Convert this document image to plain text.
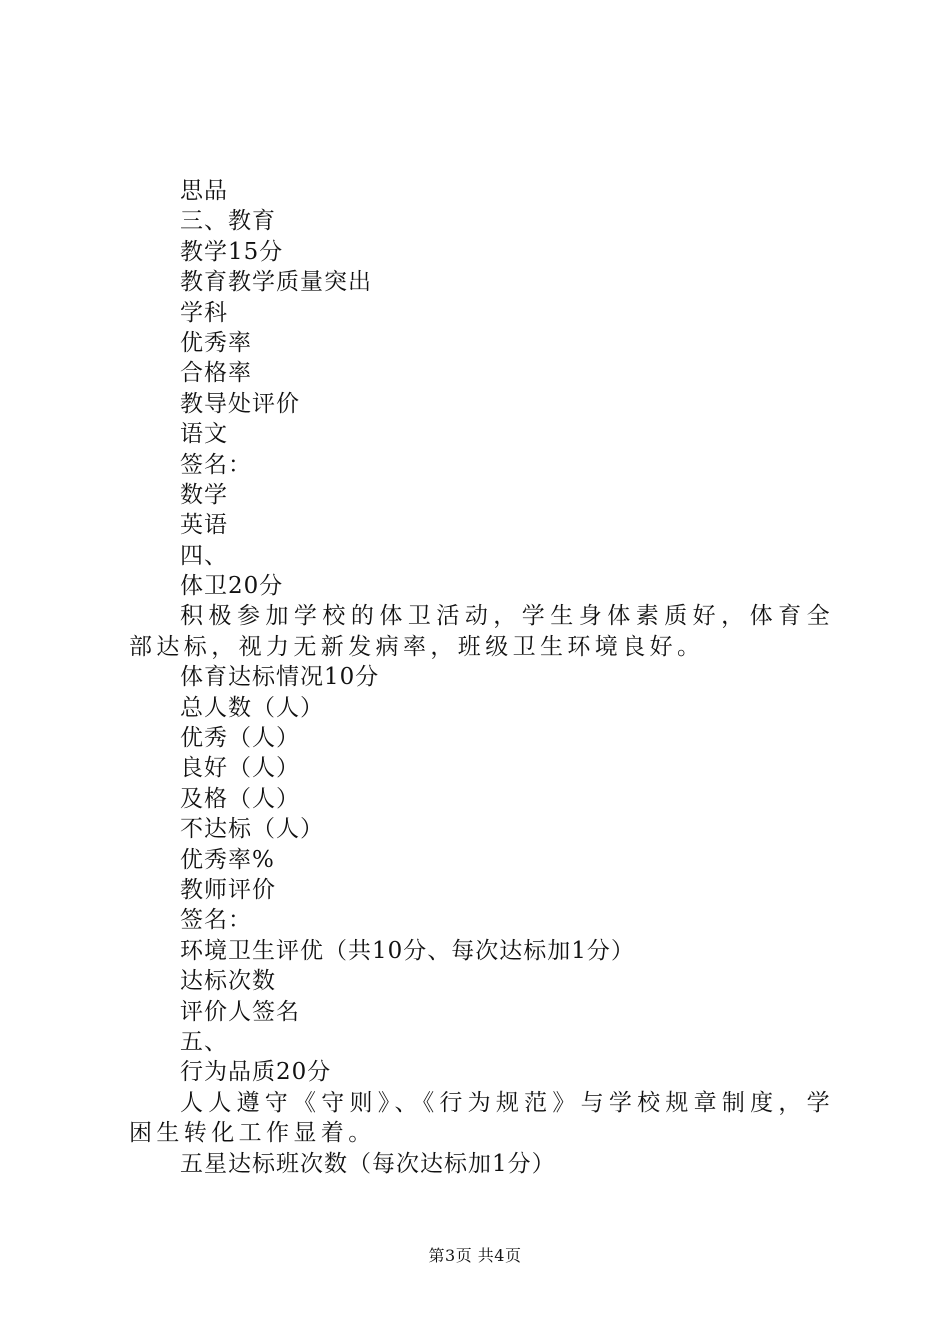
思品
三、教育
教学15分
教育教学质量突出
学科
优秀率
合格率
教导处评价
语文
签名：
数学
英语
四、
体卫20分

积极参加学校的体卫活动，学生身体素质好，体育全部达标，视力无新发病率，班级卫生环境良好。

体育达标情况10分
总人数（人）
优秀（人）
良好（人）
及格（人）
不达标（人）
优秀率%
教师评价
签名：
环境卫生评优（共10分、每次达标加1分）
达标次数
评价人签名
五、
行为品质20分

人人遵守《守则》、《行为规范》与学校规章制度，学困生转化工作显着。

五星达标班次数（每次达标加1分）
第3页 共4页
